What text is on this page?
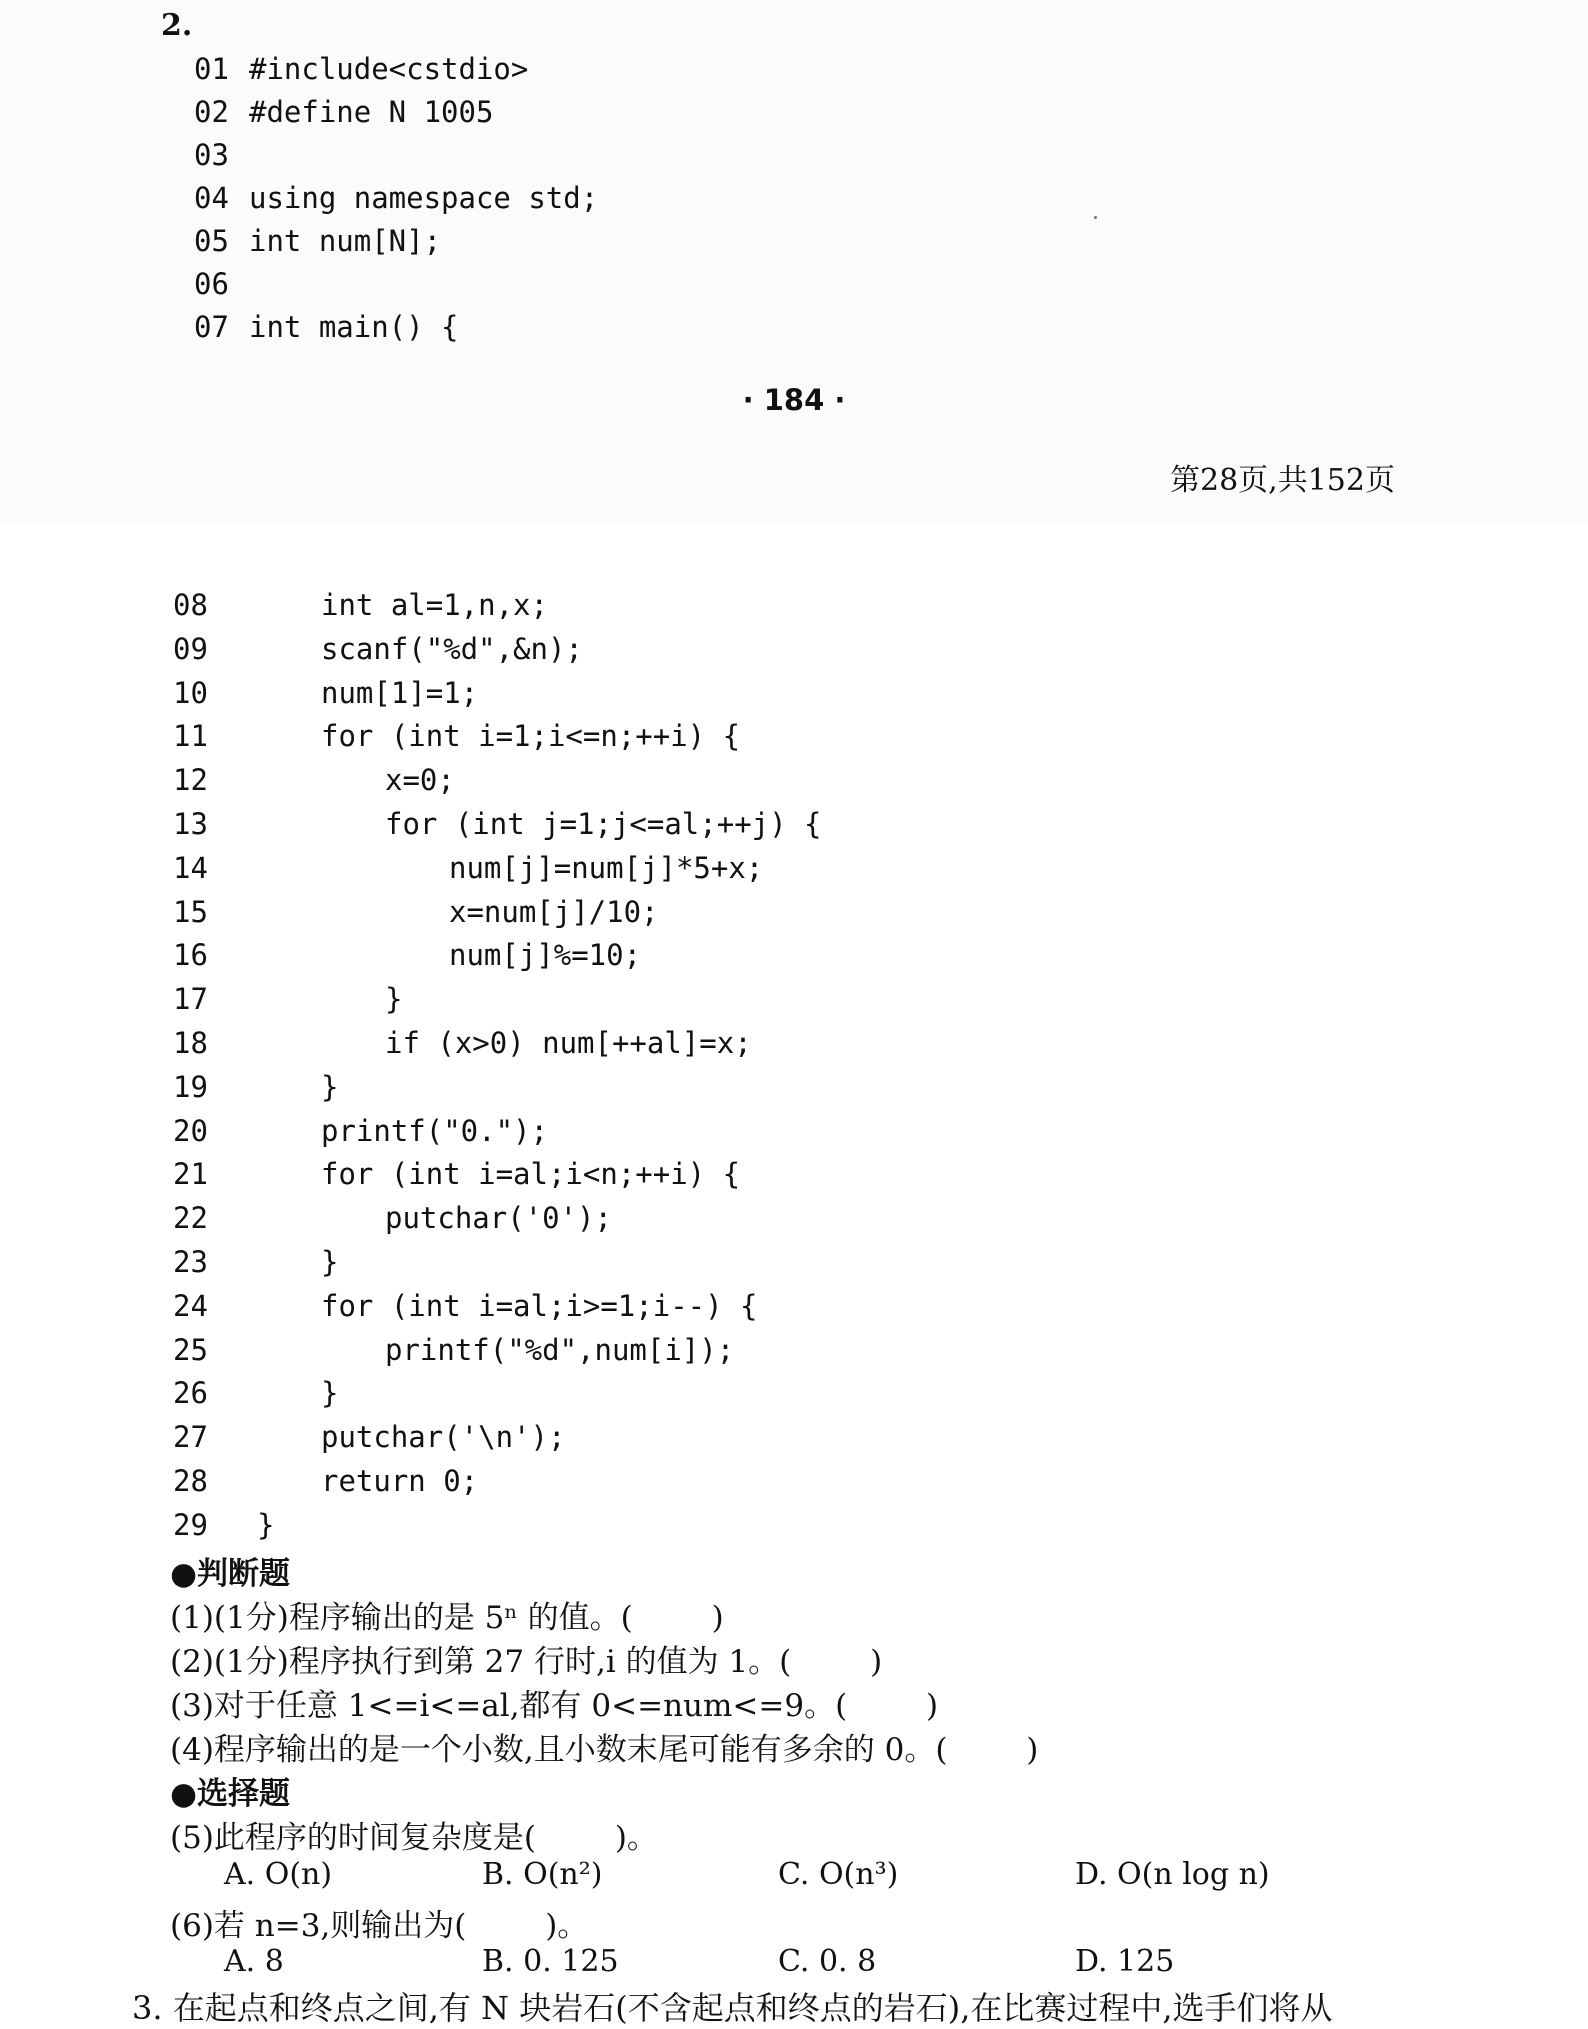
2.
01 #include<cstdio>
02 #define N 1005
03
04 using namespace std;
05 int num[N];
06
07 int main() {
· 184 ·
第28页,共152页
08	int al=1,n,x;
09	scanf("%d",&n);
10	num[1]=1;
11	for (int i=1;i<=n;++i) {
12	x=0;
13	for (int j=1;j<=al;++j) {
14	num[j]=num[j]*5+x;
15	x=num[j]/10;
16	num[j]%=10;
17	}
18	if (x>0) num[++al]=x;
19	}
20	printf("0.");
21	for (int i=al;i<n;++i) {
22	putchar('0');
23	}
24	for (int i=al;i>=1;i--) {
25	printf("%d",num[i]);
26	}
27	putchar('\n');
28	return 0;
29 }
●判断题
(1)(1分)程序输出的是 5ⁿ 的值。(        )
(2)(1分)程序执行到第 27 行时,i 的值为 1。(        )
(3)对于任意 1<=i<=al,都有 0<=num<=9。(        )
(4)程序输出的是一个小数,且小数末尾可能有多余的 0。(        )
●选择题
(5)此程序的时间复杂度是(        )。
A. O(n)	B. O(n²)	C. O(n³)	D. O(n log n)
(6)若 n=3,则输出为(        )。
A. 8	B. 0. 125	C. 0. 8	D. 125
3. 在起点和终点之间,有 N 块岩石(不含起点和终点的岩石),在比赛过程中,选手们将从
